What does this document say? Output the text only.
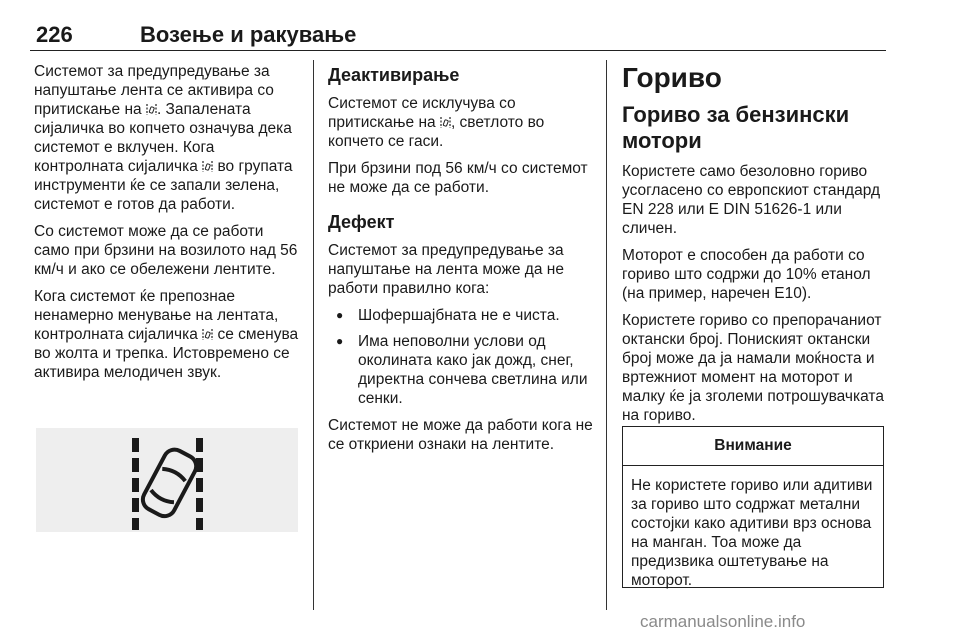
226	Возење и ракување

Системот за предупредување за напуштање лента се активира со притискање на . Запалената сијаличка во копчето означува дека системот е вклучен. Кога контролната сијаличка  во групата инструменти ќе се запали зелена, системот е готов да работи.

Со системот може да се работи само при брзини на возилото над 56 км/ч и ако се обележени лентите.

Кога системот ќе препознае ненамерно менување на лентата, контролната сијаличка  се сменува во жолта и трепка. Истовремено се активира мелодичен звук.

Деактивирање

Системот се исклучува со притискање на , светлото во копчето се гаси.

При брзини под 56 км/ч со системот не може да се работи.

Дефект

Системот за предупредување за напуштање на лента може да не работи правилно кога:

● Шофершајбната не е чиста.
● Има неповолни услови од околината како јак дожд, снег, директна сончева светлина или сенки.

Системот не може да работи кога не се откриени ознаки на лентите.

Гориво
Гориво за бензински мотори

Користете само безоловно гориво усогласено со европскиот стандард EN 228 или E DIN 51626-1 или сличен.

Моторот е способен да работи со гориво што содржи до 10% етанол (на пример, наречен E10).

Користете гориво со препорачаниот октански број. Пониският октански број може да ја намали моќноста и вртежниот момент на моторот и малку ќе ја зголеми потрошувачката на гориво.

Внимание
Не користете гориво или адитиви за гориво што содржат метални состојки како адитиви врз основа на манган. Тоа може да предизвика оштетување на моторот.
carmanualsonline.info
